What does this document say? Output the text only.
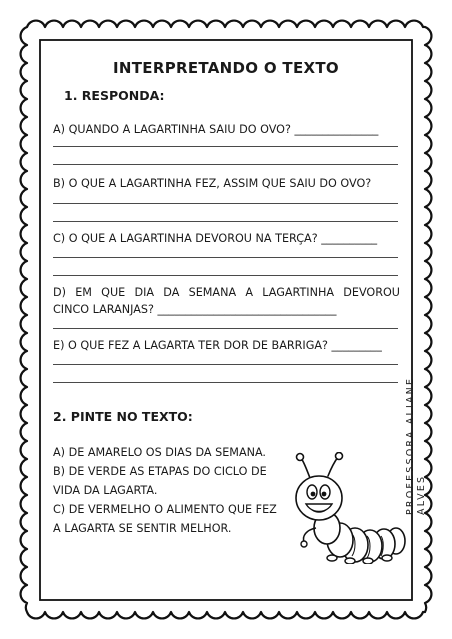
INTERPRETANDO O TEXTO
1. RESPONDA:
A) QUANDO A LAGARTINHA SAIU DO OVO? _______________
B) O QUE A LAGARTINHA FEZ, ASSIM QUE SAIU DO OVO?
C) O QUE A LAGARTINHA DEVOROU NA TERÇA? __________
D) EM QUE DIA DA SEMANA A LAGARTINHA DEVOROU
CINCO LARANJAS? ________________________________
E) O QUE FEZ A LAGARTA TER DOR DE BARRIGA? _________
2. PINTE NO TEXTO:
A) DE AMARELO OS DIAS DA SEMANA.
B) DE VERDE AS ETAPAS DO CICLO DE
VIDA DA LAGARTA.
C) DE VERMELHO O ALIMENTO QUE FEZ
A LAGARTA SE SENTIR MELHOR.
PROFESSORA ALIANE ALVES
